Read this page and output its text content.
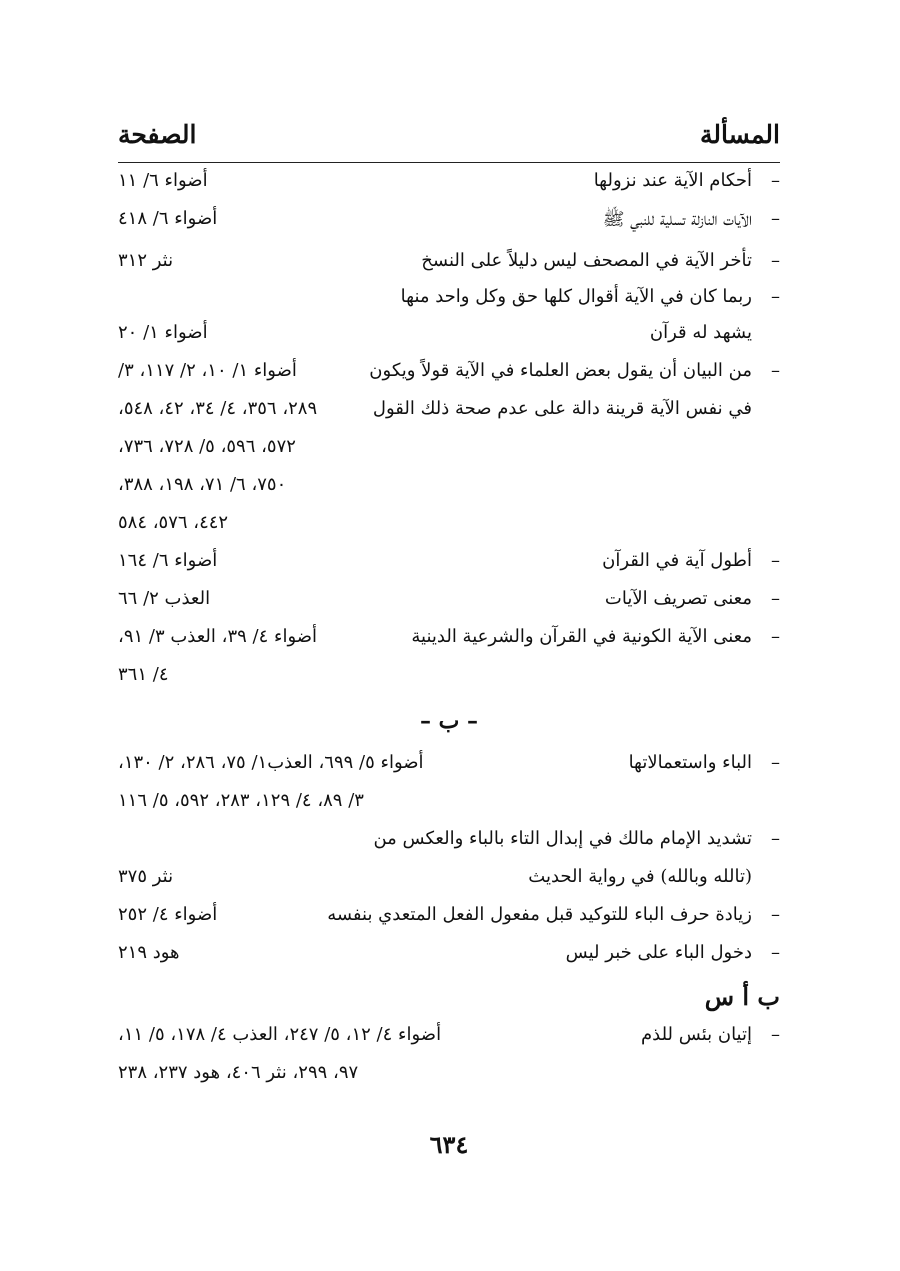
المسألة
الصفحة
–
أحكام الآية عند نزولها
أضواء ٦/ ١١
–
الآيات النازلة تسلية للنبي ﷺ
أضواء ٦/ ٤١٨
–
تأخر الآية في المصحف ليس دليلاً على النسخ
نثر ٣١٢
–
ربما كان في الآية أقوال كلها حق وكل واحد منها
يشهد له قرآن
أضواء ١/ ٢٠
–
من البيان أن يقول بعض العلماء في الآية قولاً ويكون
أضواء ١/ ١٠، ٢/ ١١٧، ٣/
في نفس الآية قرينة دالة على عدم صحة ذلك القول
٢٨٩، ٣٥٦، ٤/ ٣٤، ٤٢، ٥٤٨،
٥٧٢، ٥٩٦، ٥/ ٧٢٨، ٧٣٦،
٧٥٠، ٦/ ٧١، ١٩٨، ٣٨٨،
٤٤٢، ٥٧٦، ٥٨٤
–
أطول آية في القرآن
أضواء ٦/ ١٦٤
–
معنى تصريف الآيات
العذب ٢/ ٦٦
–
معنى الآية الكونية في القرآن والشرعية الدينية
أضواء ٤/ ٣٩، العذب ٣/ ٩١،
٤/ ٣٦١
– ب –
–
الباء واستعمالاتها
أضواء ٥/ ٦٩٩، العذب١/ ٧٥، ٢٨٦، ٢/ ١٣٠،
٣/ ٨٩، ٤/ ١٢٩، ٢٨٣، ٥٩٢، ٥/ ١١٦
–
تشديد الإمام مالك في إبدال التاء بالباء والعكس من
(تالله وبالله) في رواية الحديث
نثر ٣٧٥
–
زيادة حرف الباء للتوكيد قبل مفعول الفعل المتعدي بنفسه
أضواء ٤/ ٢٥٢
–
دخول الباء على خبر ليس
هود ٢١٩
ب أ س
–
إتيان بئس للذم
أضواء ٤/ ١٢، ٥/ ٢٤٧، العذب ٤/ ١٧٨، ٥/ ١١،
٩٧، ٢٩٩، نثر ٤٠٦، هود ٢٣٧، ٢٣٨
٦٣٤
